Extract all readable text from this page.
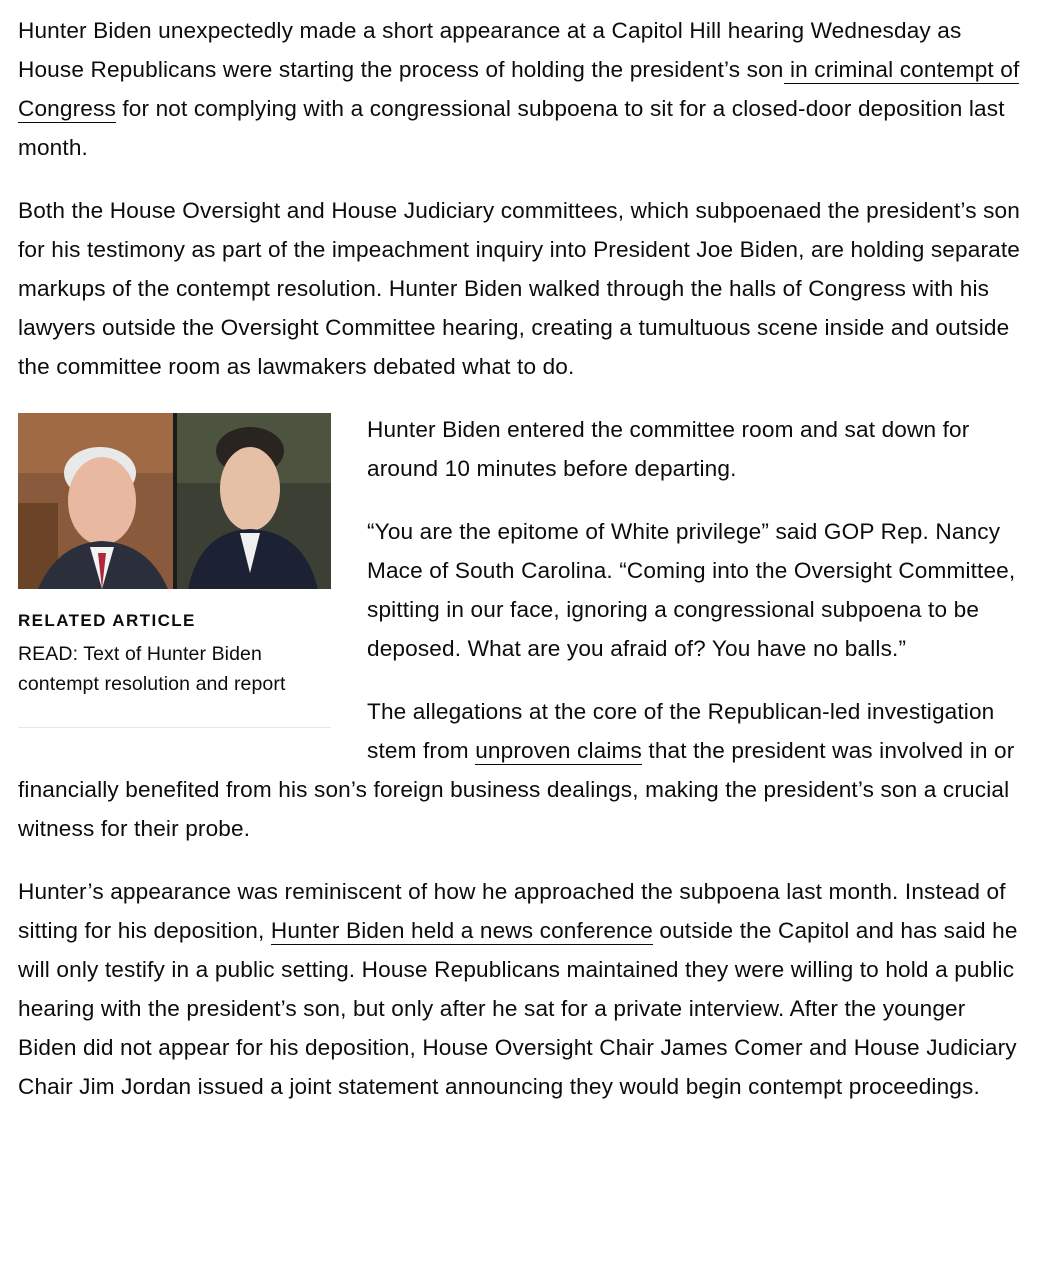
Hunter Biden unexpectedly made a short appearance at a Capitol Hill hearing Wednesday as House Republicans were starting the process of holding the president’s son in criminal contempt of Congress for not complying with a congressional subpoena to sit for a closed-door deposition last month.

Both the House Oversight and House Judiciary committees, which subpoenaed the president’s son for his testimony as part of the impeachment inquiry into President Joe Biden, are holding separate markups of the contempt resolution. Hunter Biden walked through the halls of Congress with his lawyers outside the Oversight Committee hearing, creating a tumultuous scene inside and outside the committee room as lawmakers debated what to do.

RELATED ARTICLE
READ: Text of Hunter Biden contempt resolution and report

Hunter Biden entered the committee room and sat down for around 10 minutes before departing.

“You are the epitome of White privilege” said GOP Rep. Nancy Mace of South Carolina. “Coming into the Oversight Committee, spitting in our face, ignoring a congressional subpoena to be deposed. What are you afraid of? You have no balls.”

The allegations at the core of the Republican-led investigation stem from unproven claims that the president was involved in or financially benefited from his son’s foreign business dealings, making the president’s son a crucial witness for their probe.

Hunter’s appearance was reminiscent of how he approached the subpoena last month. Instead of sitting for his deposition, Hunter Biden held a news conference outside the Capitol and has said he will only testify in a public setting. House Republicans maintained they were willing to hold a public hearing with the president’s son, but only after he sat for a private interview. After the younger Biden did not appear for his deposition, House Oversight Chair James Comer and House Judiciary Chair Jim Jordan issued a joint statement announcing they would begin contempt proceedings.
